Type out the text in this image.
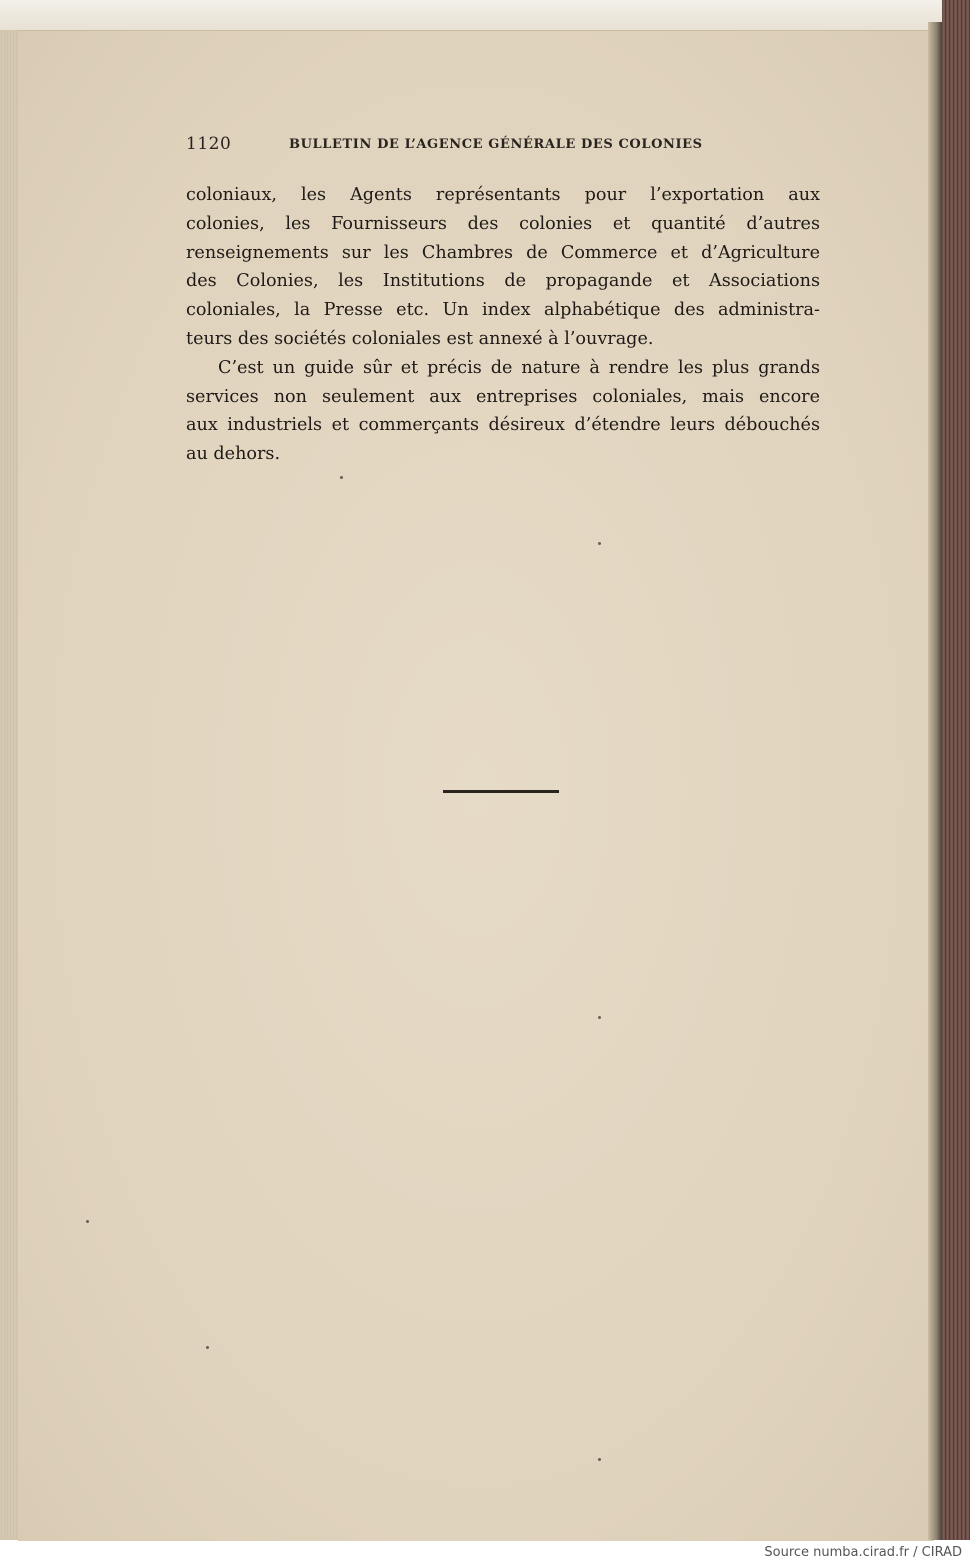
1120	BULLETIN DE L’AGENCE GÉNÉRALE DES COLONIES
coloniaux, les Agents représentants pour l’exportation aux
colonies, les Fournisseurs des colonies et quantité d’autres
renseignements sur les Chambres de Commerce et d’Agriculture
des Colonies, les Institutions de propagande et Associations
coloniales, la Presse etc. Un index alphabétique des administra-
teurs des sociétés coloniales est annexé à l’ouvrage.
C’est un guide sûr et précis de nature à rendre les plus grands
services non seulement aux entreprises coloniales, mais encore
aux industriels et commerçants désireux d’étendre leurs débouchés
au dehors.
Source numba.cirad.fr / CIRAD
